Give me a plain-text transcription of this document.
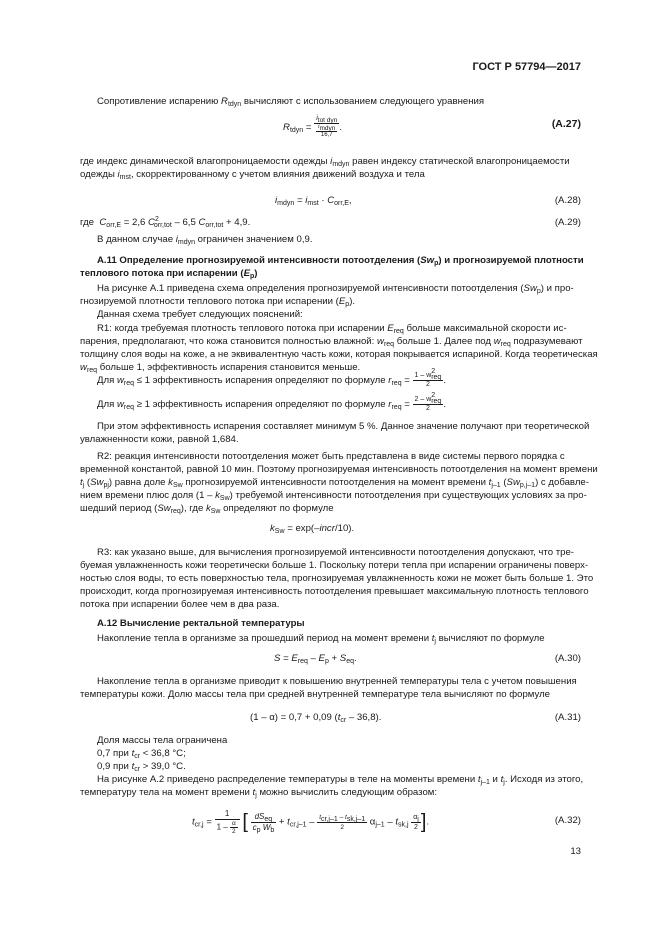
ГОСТ Р 57794—2017
Сопротивление испарению $R_{tdyn}$ вычисляют с использованием следующего уравнения
$R_{tdyn} = \frac{i_{tot dyn}}{\frac{i_{mdyn}}{16,7}}$ .	(A.27)
где индекс динамической влагопроницаемости одежды $i_{mdyn}$ равен индексу статической влагопроницаемости
одежды $i_{mst}$, скорректированному с учетом влияния движений воздуха и тела
$i_{mdyn} = i_{mst} \cdot C_{orr,E}$,	(A.28)
где $C_{orr,E} = 2,6$ $C^2_{orr,tot} - 6,5$ $C_{orr,tot} + 4,9$.	(A.29)
В данном случае $i_{mdyn}$ ограничен значением 0,9.
А.11 Определение прогнозируемой интенсивности потоотделения $(Sw_p)$ и прогнозируемой плотности
теплового потока при испарении $(E_p)$
На рисунке А.1 приведена схема определения прогнозируемой интенсивности потоотделения $(Sw_p)$ и про-
гнозируемой плотности теплового потока при испарении $(E_p)$.
Данная схема требует следующих пояснений:
R1: когда требуемая плотность теплового потока при испарении $E_{req}$ больше максимальной скорости ис-
парения, предполагают, что кожа становится полностью влажной: $w_{req}$ больше 1. Далее под $w_{req}$ подразумевают
толщину слоя воды на коже, а не эквивалентную часть кожи, которая покрывается испариной. Когда теоретическая
$w_{req}$ больше 1, эффективность испарения становится меньше.
Для $w_{req} \le 1$ эффективность испарения определяют по формуле $r_{req} = \frac{1 - w^2_{req}}{2}$ .
Для $w_{req} \ge 1$ эффективность испарения определяют по формуле $r_{req} = \frac{2 - w^2_{req}}{2}$ .
При этом эффективность испарения составляет минимум 5 %. Данное значение получают при теоретической
увлажненности кожи, равной 1,684.
R2: реакция интенсивности потоотделения может быть представлена в виде системы первого порядка с
временной константой, равной 10 мин. Поэтому прогнозируемая интенсивность потоотделения на момент времени
$t_j$ $(Sw_{pj})$ равна доле $k_{Sw}$ прогнозируемой интенсивности потоотделения на момент времени $t_{j-1}$ $(Sw_{p,j-1})$ с добавле-
нием времени плюс доля $(1 - k_{Sw})$ требуемой интенсивности потоотделения при существующих условиях за про-
шедший период $(Sw_{req})$, где $k_{Sw}$ определяют по формуле
$k_{Sw}$ = exp(–incr/10).
R3: как указано выше, для вычисления прогнозируемой интенсивности потоотделения допускают, что тре-
буемая увлажненность кожи теоретически больше 1. Поскольку потери тепла при испарении ограничены поверх-
ностью слоя воды, то есть поверхностью тела, прогнозируемая увлажненность кожи не может быть больше 1. Это
происходит, когда прогнозируемая интенсивность потоотделения превышает максимальную плотность теплового
потока при испарении более чем в два раза.
А.12 Вычисление ректальной температуры
Накопление тепла в организме за прошедший период на момент времени $t_j$ вычисляют по формуле
$S = E_{req} - E_p + S_{eq}$.	(A.30)
Накопление тепла в организме приводит к повышению внутренней температуры тела с учетом повышения
температуры кожи. Долю массы тела при средней внутренней температуре тела вычисляют по формуле
(1 – α) = 0,7 + 0,09 $(t_{cr} - 36,8)$.	(A.31)
Доля массы тела ограничена
0,7 при $t_{cr} < 36,8$ °C;
0,9 при $t_{cr} > 39,0$ °C.
На рисунке А.2 приведено распределение температуры в теле на моменты времени $t_{j-1}$ и $t_j$. Исходя из этого,
температуру тела на момент времени $t_j$ можно вычислить следующим образом:
$t_{cr,j} = \frac{1}{1 - \frac{\alpha}{2}}$ [ $\frac{dS_{eq}}{c_p W_b} + t_{cr,j-1} - \frac{t_{cr,j-1} - t_{sk,j-1}}{2} \alpha_{j-1} - t_{sk,j} \frac{\alpha_j}{2}$ ].	(A.32)
13
